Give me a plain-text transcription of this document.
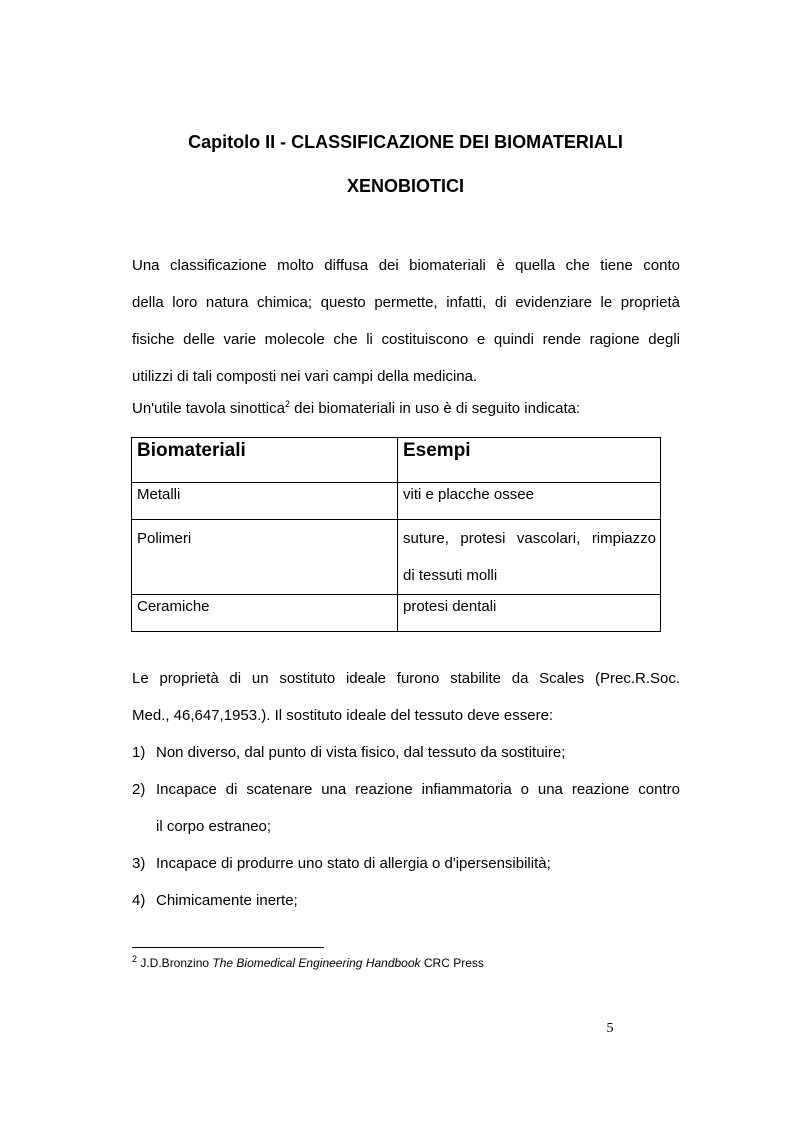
Capitolo II - CLASSIFICAZIONE DEI BIOMATERIALI
XENOBIOTICI

Una classificazione molto diffusa dei biomateriali è quella che tiene conto
della loro natura chimica; questo permette, infatti, di evidenziare le proprietà
fisiche delle varie molecole che li costituiscono e quindi rende ragione degli
utilizzi di tali composti nei vari campi della medicina.

Un'utile tavola sinottica$^2$ dei biomateriali in uso è di seguito indicata:

Biomateriali	Esempi
Metalli	viti e placche ossee
Polimeri	suture, protesi vascolari, rimpiazzo
di tessuti molli
Ceramiche	protesi dentali

Le proprietà di un sostituto ideale furono stabilite da Scales (Prec.R.Soc.
Med., 46,647,1953.). Il sostituto ideale del tessuto deve essere:

1) Non diverso, dal punto di vista fisico, dal tessuto da sostituire;
2) Incapace di scatenare una reazione infiammatoria o una reazione contro
il corpo estraneo;
3) Incapace di produrre uno stato di allergia o d'ipersensibilità;
4) Chimicamente inerte;

$^2$ J.D.Bronzino The Biomedical Engineering Handbook CRC Press

5
